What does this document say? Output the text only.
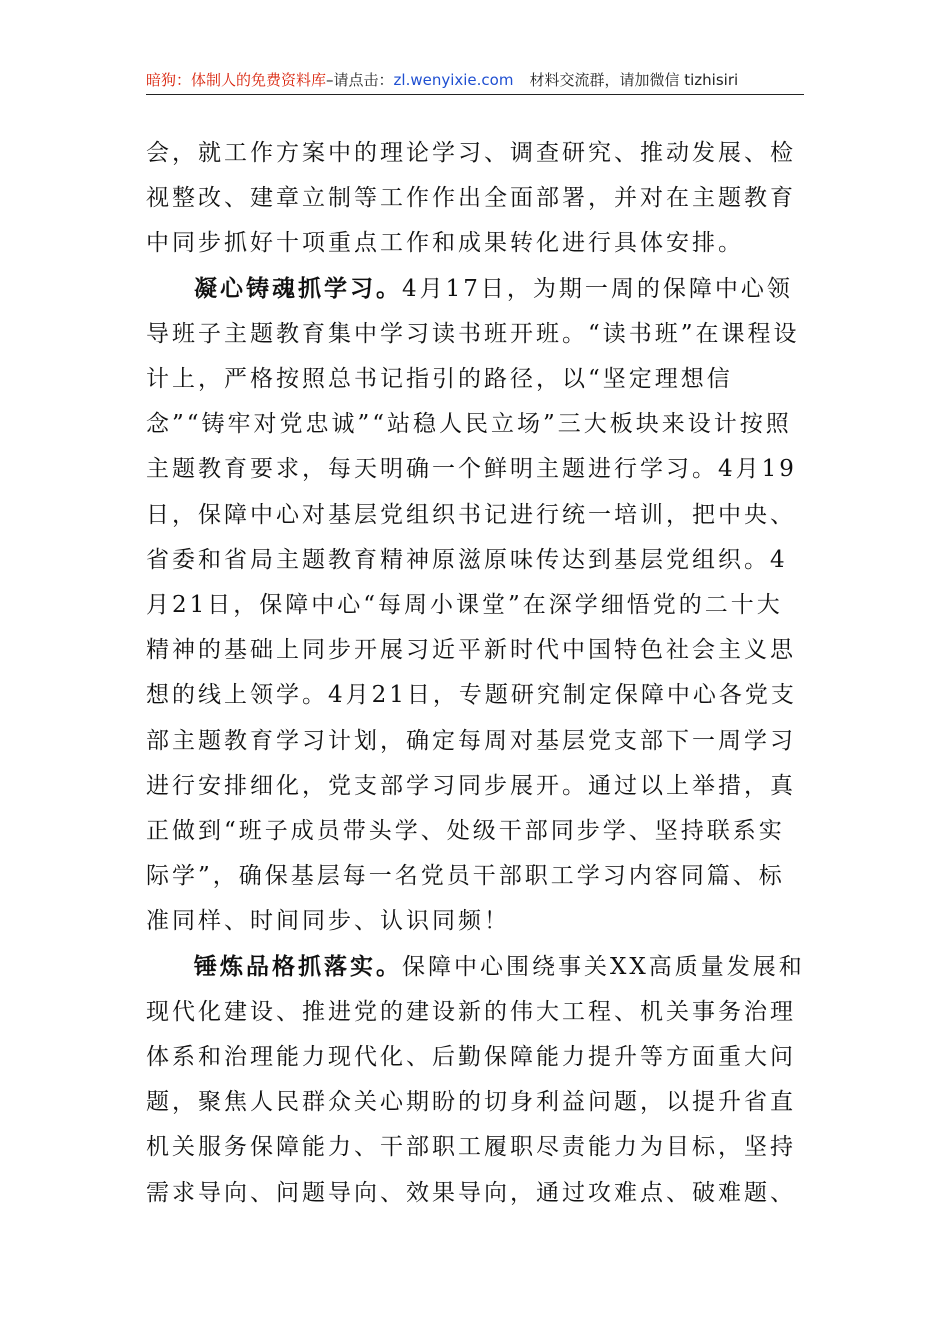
暗狗：体制人的免费资料库–请点击：zl.wenyixie.com 材料交流群，请加微信 tizhisiri

会，就工作方案中的理论学习、调查研究、推动发展、检视整改、建章立制等工作作出全面部署，并对在主题教育中同步抓好十项重点工作和成果转化进行具体安排。

凝心铸魂抓学习。4月17日，为期一周的保障中心领导班子主题教育集中学习读书班开班。“读书班”在课程设计上，严格按照总书记指引的路径，以“坚定理想信念”“铸牢对党忠诚”“站稳人民立场”三大板块来设计按照主题教育要求，每天明确一个鲜明主题进行学习。4月19日，保障中心对基层党组织书记进行统一培训，把中央、省委和省局主题教育精神原滋原味传达到基层党组织。4月21日，保障中心“每周小课堂”在深学细悟党的二十大精神的基础上同步开展习近平新时代中国特色社会主义思想的线上领学。4月21日，专题研究制定保障中心各党支部主题教育学习计划，确定每周对基层党支部下一周学习进行安排细化，党支部学习同步展开。通过以上举措，真正做到“班子成员带头学、处级干部同步学、坚持联系实际学”，确保基层每一名党员干部职工学习内容同篇、标准同样、时间同步、认识同频！

锤炼品格抓落实。保障中心围绕事关XX高质量发展和现代化建设、推进党的建设新的伟大工程、机关事务治理体系和治理能力现代化、后勤保障能力提升等方面重大问题，聚焦人民群众关心期盼的切身利益问题，以提升省直机关服务保障能力、干部职工履职尽责能力为目标，坚持需求导向、问题导向、效果导向，通过攻难点、破难题、
